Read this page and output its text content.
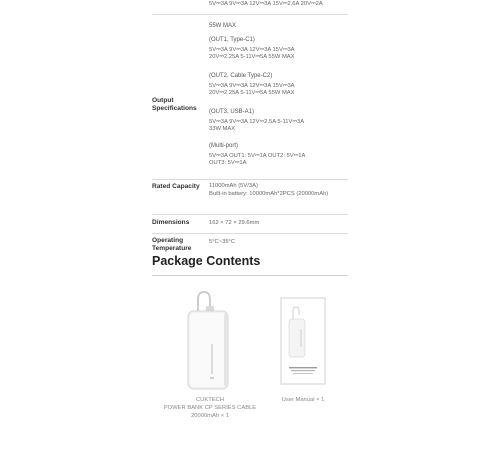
5V⎓3A 9V⎓3A 12V⎓3A 15V⎓2.6A 20V⎓2A
Output
Specifications
55W MAX
(OUT1, Type-C1)
5V⎓3A 9V⎓3A 12V⎓3A 15V⎓3A
20V⎓2.25A 5-11V⎓5A 55W MAX
(OUT2, Cable Type-C2)
5V⎓3A 9V⎓3A 12V⎓3A 15V⎓3A
20V⎓2.25A 5-11V⎓5A 55W MAX
(OUT3, USB-A1)
5V⎓3A 9V⎓3A 12V⎓2.5A 5-11V⎓3A
33W MAX
(Multi-port)
5V⎓3A OUT1: 5V⎓1A OUT2: 5V⎓1A
OUT3: 5V⎓1A
Rated Capacity 11000mAh (5V/3A)
Built-in battery: 10000mAh*2PCS (20000mAh)
Dimensions	162 × 72 × 29.6mm
Operating
Temperature
5°C~35°C
Package Contents
CUKTECH
POWER BANK CP SERIES CABLE
20000mAh × 1
User Manual × 1
